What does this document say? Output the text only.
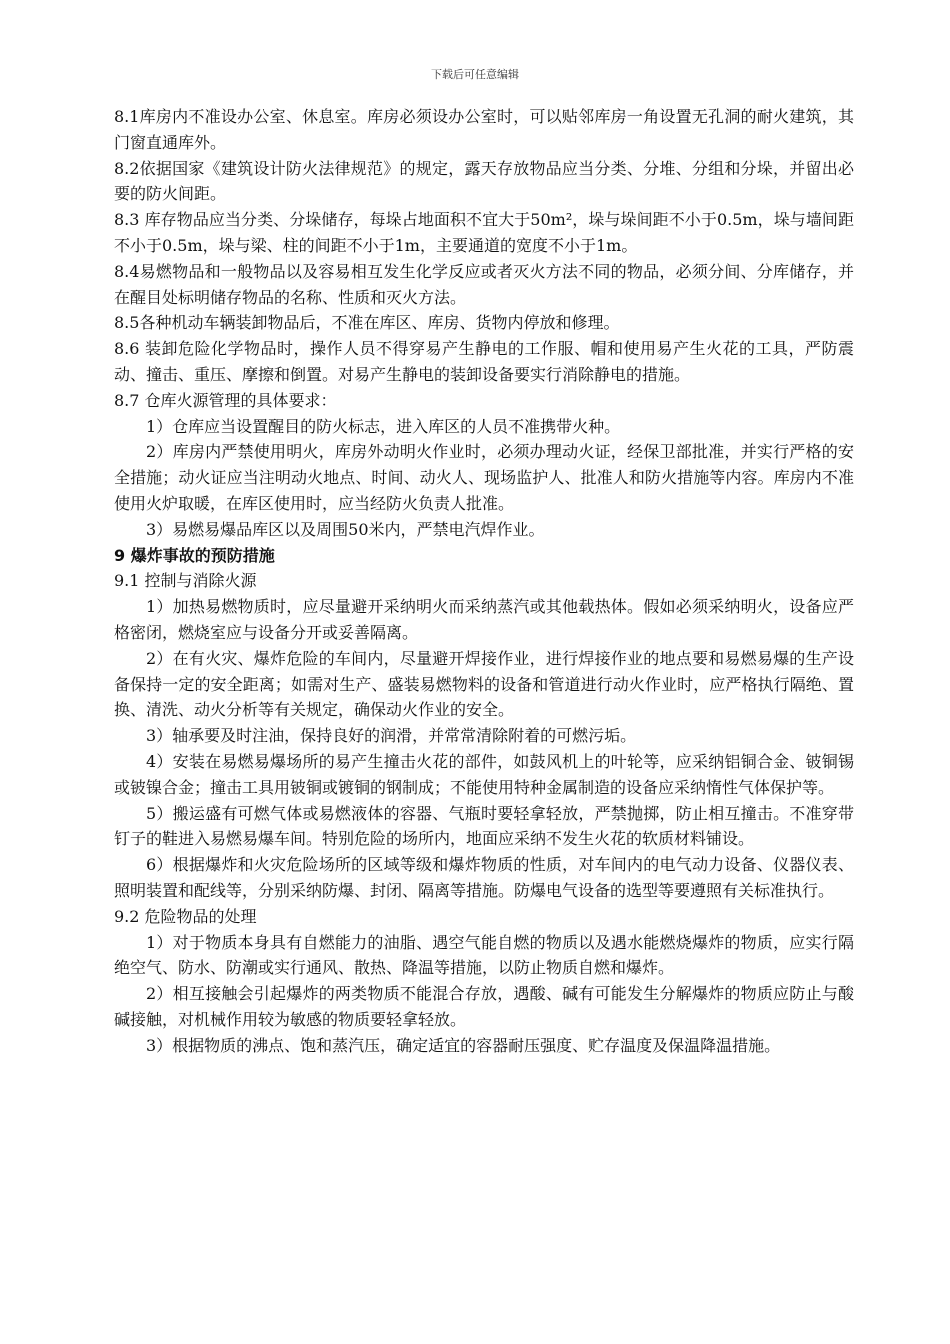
下载后可任意编辑

8.1库房内不准设办公室、休息室。库房必须设办公室时，可以贴邻库房一角设置无孔洞的耐火建筑，其门窗直通库外。

8.2依据国家《建筑设计防火法律规范》的规定，露天存放物品应当分类、分堆、分组和分垛，并留出必要的防火间距。

8.3 库存物品应当分类、分垛储存，每垛占地面积不宜大于50m²，垛与垛间距不小于0.5m，垛与墙间距不小于0.5m，垛与梁、柱的间距不小于1m，主要通道的宽度不小于1m。

8.4易燃物品和一般物品以及容易相互发生化学反应或者灭火方法不同的物品，必须分间、分库储存，并在醒目处标明储存物品的名称、性质和灭火方法。

8.5各种机动车辆装卸物品后，不准在库区、库房、货物内停放和修理。

8.6 装卸危险化学物品时，操作人员不得穿易产生静电的工作服、帽和使用易产生火花的工具，严防震动、撞击、重压、摩擦和倒置。对易产生静电的装卸设备要实行消除静电的措施。

8.7 仓库火源管理的具体要求：

1）仓库应当设置醒目的防火标志，进入库区的人员不准携带火种。

2）库房内严禁使用明火，库房外动明火作业时，必须办理动火证，经保卫部批准，并实行严格的安全措施；动火证应当注明动火地点、时间、动火人、现场监护人、批准人和防火措施等内容。库房内不准使用火炉取暖，在库区使用时，应当经防火负责人批准。

3）易燃易爆品库区以及周围50米内，严禁电汽焊作业。

9 爆炸事故的预防措施

9.1 控制与消除火源

1）加热易燃物质时，应尽量避开采纳明火而采纳蒸汽或其他载热体。假如必须采纳明火，设备应严格密闭，燃烧室应与设备分开或妥善隔离。

2）在有火灾、爆炸危险的车间内，尽量避开焊接作业，进行焊接作业的地点要和易燃易爆的生产设备保持一定的安全距离；如需对生产、盛装易燃物料的设备和管道进行动火作业时，应严格执行隔绝、置换、清洗、动火分析等有关规定，确保动火作业的安全。

3）轴承要及时注油，保持良好的润滑，并常常清除附着的可燃污垢。

4）安装在易燃易爆场所的易产生撞击火花的部件，如鼓风机上的叶轮等，应采纳铝铜合金、铍铜锡或铍镍合金；撞击工具用铍铜或镀铜的钢制成；不能使用特种金属制造的设备应采纳惰性气体保护等。

5）搬运盛有可燃气体或易燃液体的容器、气瓶时要轻拿轻放，严禁抛掷，防止相互撞击。不准穿带钉子的鞋进入易燃易爆车间。特别危险的场所内，地面应采纳不发生火花的软质材料铺设。

6）根据爆炸和火灾危险场所的区域等级和爆炸物质的性质，对车间内的电气动力设备、仪器仪表、照明装置和配线等，分别采纳防爆、封闭、隔离等措施。防爆电气设备的选型等要遵照有关标准执行。

9.2 危险物品的处理

1）对于物质本身具有自燃能力的油脂、遇空气能自燃的物质以及遇水能燃烧爆炸的物质，应实行隔绝空气、防水、防潮或实行通风、散热、降温等措施，以防止物质自燃和爆炸。

2）相互接触会引起爆炸的两类物质不能混合存放，遇酸、碱有可能发生分解爆炸的物质应防止与酸碱接触，对机械作用较为敏感的物质要轻拿轻放。

3）根据物质的沸点、饱和蒸汽压，确定适宜的容器耐压强度、贮存温度及保温降温措施。
